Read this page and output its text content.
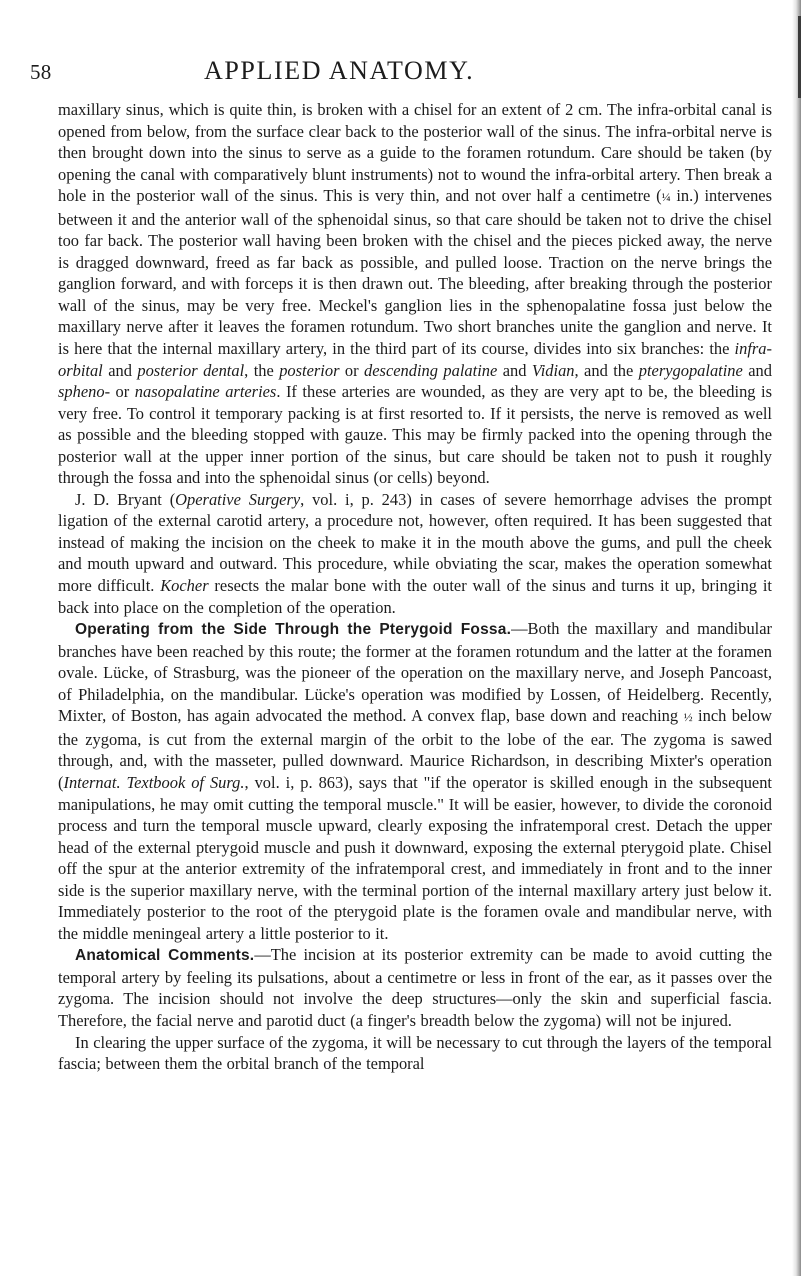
58	APPLIED ANATOMY.

maxillary sinus, which is quite thin, is broken with a chisel for an extent of 2 cm. The infra-orbital canal is opened from below, from the surface clear back to the posterior wall of the sinus. The infra-orbital nerve is then brought down into the sinus to serve as a guide to the foramen rotundum. Care should be taken (by opening the canal with comparatively blunt instruments) not to wound the infra-orbital artery. Then break a hole in the posterior wall of the sinus. This is very thin, and not over half a centimetre (¼ in.) intervenes between it and the anterior wall of the sphenoidal sinus, so that care should be taken not to drive the chisel too far back. The posterior wall having been broken with the chisel and the pieces picked away, the nerve is dragged downward, freed as far back as possible, and pulled loose. Traction on the nerve brings the ganglion forward, and with forceps it is then drawn out. The bleeding, after breaking through the posterior wall of the sinus, may be very free. Meckel's ganglion lies in the sphenopalatine fossa just below the maxillary nerve after it leaves the foramen rotundum. Two short branches unite the ganglion and nerve. It is here that the internal maxillary artery, in the third part of its course, divides into six branches: the infra-orbital and posterior dental, the posterior or descending palatine and Vidian, and the pterygopalatine and spheno- or nasopalatine arteries. If these arteries are wounded, as they are very apt to be, the bleeding is very free. To control it temporary packing is at first resorted to. If it persists, the nerve is removed as well as possible and the bleeding stopped with gauze. This may be firmly packed into the opening through the posterior wall at the upper inner portion of the sinus, but care should be taken not to push it roughly through the fossa and into the sphenoidal sinus (or cells) beyond.

J. D. Bryant (Operative Surgery, vol. i, p. 243) in cases of severe hemorrhage advises the prompt ligation of the external carotid artery, a procedure not, however, often required. It has been suggested that instead of making the incision on the cheek to make it in the mouth above the gums, and pull the cheek and mouth upward and outward. This procedure, while obviating the scar, makes the operation somewhat more difficult. Kocher resects the malar bone with the outer wall of the sinus and turns it up, bringing it back into place on the completion of the operation.

Operating from the Side Through the Pterygoid Fossa.—Both the maxillary and mandibular branches have been reached by this route; the former at the foramen rotundum and the latter at the foramen ovale. Lücke, of Strasburg, was the pioneer of the operation on the maxillary nerve, and Joseph Pancoast, of Philadelphia, on the mandibular. Lücke's operation was modified by Lossen, of Heidelberg. Recently, Mixter, of Boston, has again advocated the method. A convex flap, base down and reaching ½ inch below the zygoma, is cut from the external margin of the orbit to the lobe of the ear. The zygoma is sawed through, and, with the masseter, pulled downward. Maurice Richardson, in describing Mixter's operation (Internat. Textbook of Surg., vol. i, p. 863), says that "if the operator is skilled enough in the subsequent manipulations, he may omit cutting the temporal muscle." It will be easier, however, to divide the coronoid process and turn the temporal muscle upward, clearly exposing the infratemporal crest. Detach the upper head of the external pterygoid muscle and push it downward, exposing the external pterygoid plate. Chisel off the spur at the anterior extremity of the infratemporal crest, and immediately in front and to the inner side is the superior maxillary nerve, with the terminal portion of the internal maxillary artery just below it. Immediately posterior to the root of the pterygoid plate is the foramen ovale and mandibular nerve, with the middle meningeal artery a little posterior to it.

Anatomical Comments.—The incision at its posterior extremity can be made to avoid cutting the temporal artery by feeling its pulsations, about a centimetre or less in front of the ear, as it passes over the zygoma. The incision should not involve the deep structures—only the skin and superficial fascia. Therefore, the facial nerve and parotid duct (a finger's breadth below the zygoma) will not be injured.

In clearing the upper surface of the zygoma, it will be necessary to cut through the layers of the temporal fascia; between them the orbital branch of the temporal
